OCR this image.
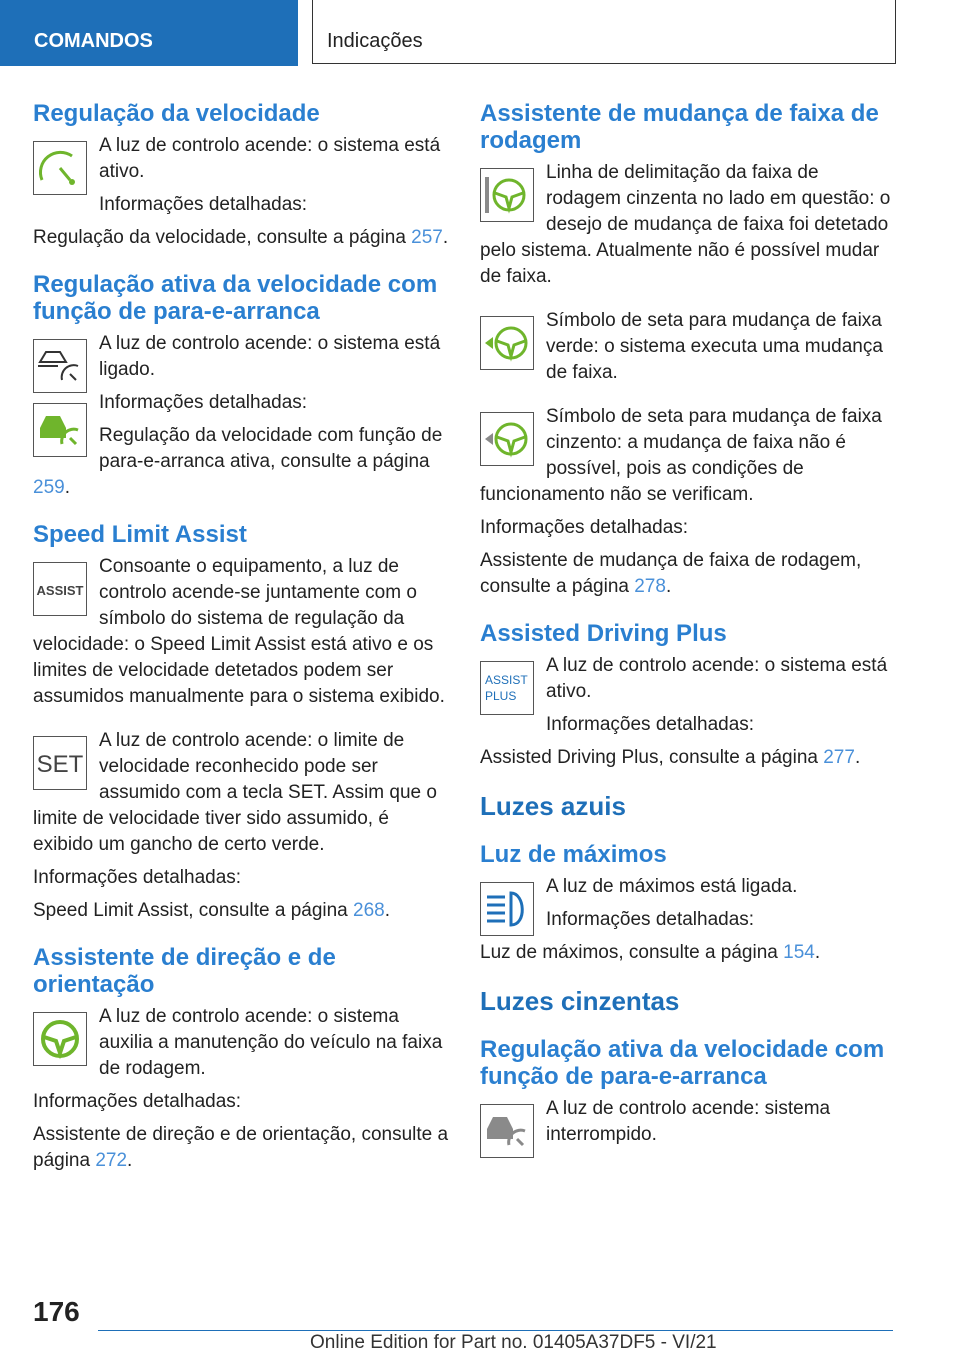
COMANDOS	Indicações
Regulação da velocidade

A luz de controlo acende: o sistema está ativo.

Informações detalhadas:

Regulação da velocidade, consulte a página 257.

Regulação ativa da velocidade com função de para-e-arranca

A luz de controlo acende: o sistema está ligado.

Informações detalhadas:

Regulação da velocidade com função de para-e-arranca ativa, consulte a página 259.

Speed Limit Assist
ASSIST

Consoante o equipamento, a luz de controlo acende-se juntamente com o símbolo do sistema de regulação da velocidade: o Speed Limit Assist está ativo e os limites de velocidade detetados podem ser assumidos manualmente para o sistema exibido.

SET

A luz de controlo acende: o limite de velocidade reconhecido pode ser assumido com a tecla SET. Assim que o limite de velocidade tiver sido assumido, é exibido um gancho de certo verde.

Informações detalhadas:

Speed Limit Assist, consulte a página 268.

Assistente de direção e de orientação

A luz de controlo acende: o sistema auxilia a manutenção do veículo na faixa de rodagem.

Informações detalhadas:

Assistente de direção e de orientação, consulte a página 272.

Assistente de mudança de faixa de rodagem

Linha de delimitação da faixa de rodagem cinzenta no lado em questão: o desejo de mudança de faixa foi detetado pelo sistema. Atualmente não é possível mudar de faixa.

Símbolo de seta para mudança de faixa verde: o sistema executa uma mudança de faixa.

Símbolo de seta para mudança de faixa cinzento: a mudança de faixa não é possível, pois as condições de funcionamento não se verificam.

Informações detalhadas:

Assistente de mudança de faixa de rodagem, consulte a página 278.

Assisted Driving Plus
ASSIST
PLUS

A luz de controlo acende: o sistema está ativo.

Informações detalhadas:

Assisted Driving Plus, consulte a página 277.

Luzes azuis
Luz de máximos

A luz de máximos está ligada.

Informações detalhadas:

Luz de máximos, consulte a página 154.

Luzes cinzentas
Regulação ativa da velocidade com função de para-e-arranca

A luz de controlo acende: sistema interrompido.

176
Online Edition for Part no. 01405A37DF5 - VI/21
